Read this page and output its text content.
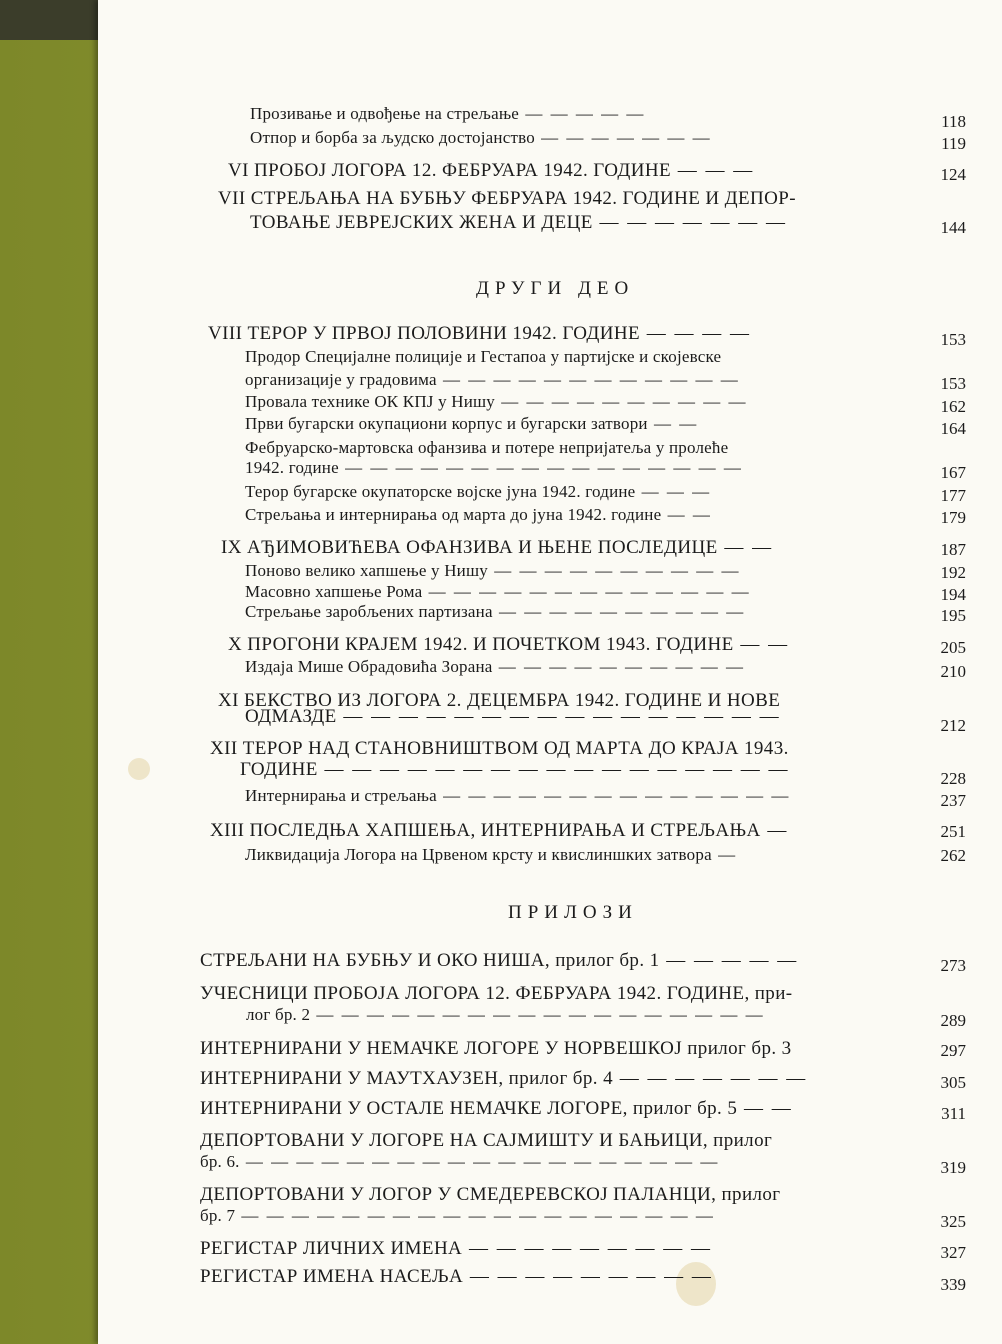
Прозивање и одвођење на стрељање — — — — —	118
Отпор и борба за људско достојанство — — — — — — —	119
VI ПРОБОЈ ЛОГОРА 12. ФЕБРУАРА 1942. ГОДИНЕ — — —	124
VII СТРЕЉАЊА НА БУБЊУ ФЕБРУАРА 1942. ГОДИНЕ И ДЕПОР-
ТОВАЊЕ ЈЕВРЕЈСКИХ ЖЕНА И ДЕЦЕ — — — — — — —	144
ДРУГИ ДЕО
VIII ТЕРОР У ПРВОЈ ПОЛОВИНИ 1942. ГОДИНЕ — — — —	153
Продор Специјалне полиције и Гестапоа у партијске и скојевске
организације у градовима — — — — — — — — — — — —	153
Провала технике ОК КПЈ у Нишу — — — — — — — — — —	162
Први бугарски окупациони корпус и бугарски затвори — —	164
Фебруарско-мартовска офанзива и потере непријатеља у пролеће
1942. године — — — — — — — — — — — — — — — —	167
Терор бугарске окупаторске војске јуна 1942. године — — —	177
Стрељања и интернирања од марта до јуна 1942. године — —	179
IX АЂИМОВИЋЕВА ОФАНЗИВА И ЊЕНЕ ПОСЛЕДИЦЕ — —	187
Поново велико хапшење у Нишу — — — — — — — — — —	192
Масовно хапшење Рома — — — — — — — — — — — — —	194
Стрељање заробљених партизана — — — — — — — — — —	195
X ПРОГОНИ КРАЈЕМ 1942. И ПОЧЕТКОМ 1943. ГОДИНЕ — —	205
Издаја Мише Обрадовића Зорана — — — — — — — — — —	210
XI БЕКСТВО ИЗ ЛОГОРА 2. ДЕЦЕМБРА 1942. ГОДИНЕ И НОВЕ
ОДМАЗДЕ — — — — — — — — — — — — — — — —	212
XII ТЕРОР НАД СТАНОВНИШТВОМ ОД МАРТА ДО КРАЈА 1943.
ГОДИНЕ — — — — — — — — — — — — — — — — —	228
Интернирања и стрељања — — — — — — — — — — — — — —	237
XIII ПОСЛЕДЊА ХАПШЕЊА, ИНТЕРНИРАЊА И СТРЕЉАЊА —	251
Ликвидација Логора на Црвеном крсту и квислиншких затвора —	262
ПРИЛОЗИ
СТРЕЉАНИ НА БУБЊУ И ОКО НИША, прилог бр. 1 — — — — —	273
УЧЕСНИЦИ ПРОБОЈА ЛОГОРА 12. ФЕБРУАРА 1942. ГОДИНЕ, при-
лог бр. 2 — — — — — — — — — — — — — — — — — —	289
ИНТЕРНИРАНИ У НЕМАЧКЕ ЛОГОРЕ У НОРВЕШКОЈ прилог бр. 3	297
ИНТЕРНИРАНИ У МАУТХАУЗЕН, прилог бр. 4 — — — — — — —	305
ИНТЕРНИРАНИ У ОСТАЛЕ НЕМАЧКЕ ЛОГОРЕ, прилог бр. 5 — —	311
ДЕПОРТОВАНИ У ЛОГОРЕ НА САЈМИШТУ И БАЊИЦИ, прилог
бр. 6. — — — — — — — — — — — — — — — — — — —	319
ДЕПОРТОВАНИ У ЛОГОР У СМЕДЕРЕВСКОЈ ПАЛАНЦИ, прилог
бр. 7 — — — — — — — — — — — — — — — — — — —	325
РЕГИСТАР ЛИЧНИХ ИМЕНА — — — — — — — — —	327
РЕГИСТАР ИМЕНА НАСЕЉА — — — — — — — — —	339
